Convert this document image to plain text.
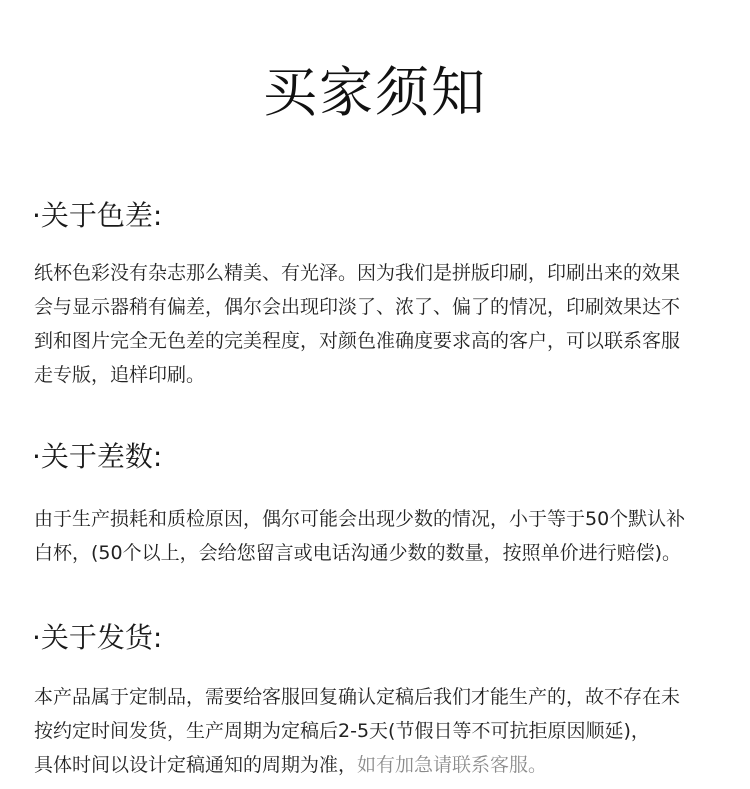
买家须知
·关于色差:
纸杯色彩没有杂志那么精美、有光泽。因为我们是拼版印刷，印刷出来的效果
会与显示器稍有偏差，偶尔会出现印淡了、浓了、偏了的情况，印刷效果达不
到和图片完全无色差的完美程度，对颜色准确度要求高的客户，可以联系客服
走专版，追样印刷。
·关于差数:
由于生产损耗和质检原因，偶尔可能会出现少数的情况，小于等于50个默认补
白杯，(50个以上，会给您留言或电话沟通少数的数量，按照单价进行赔偿)。
·关于发货:
本产品属于定制品，需要给客服回复确认定稿后我们才能生产的，故不存在未
按约定时间发货，生产周期为定稿后2-5天(节假日等不可抗拒原因顺延)，
具体时间以设计定稿通知的周期为准，如有加急请联系客服。
